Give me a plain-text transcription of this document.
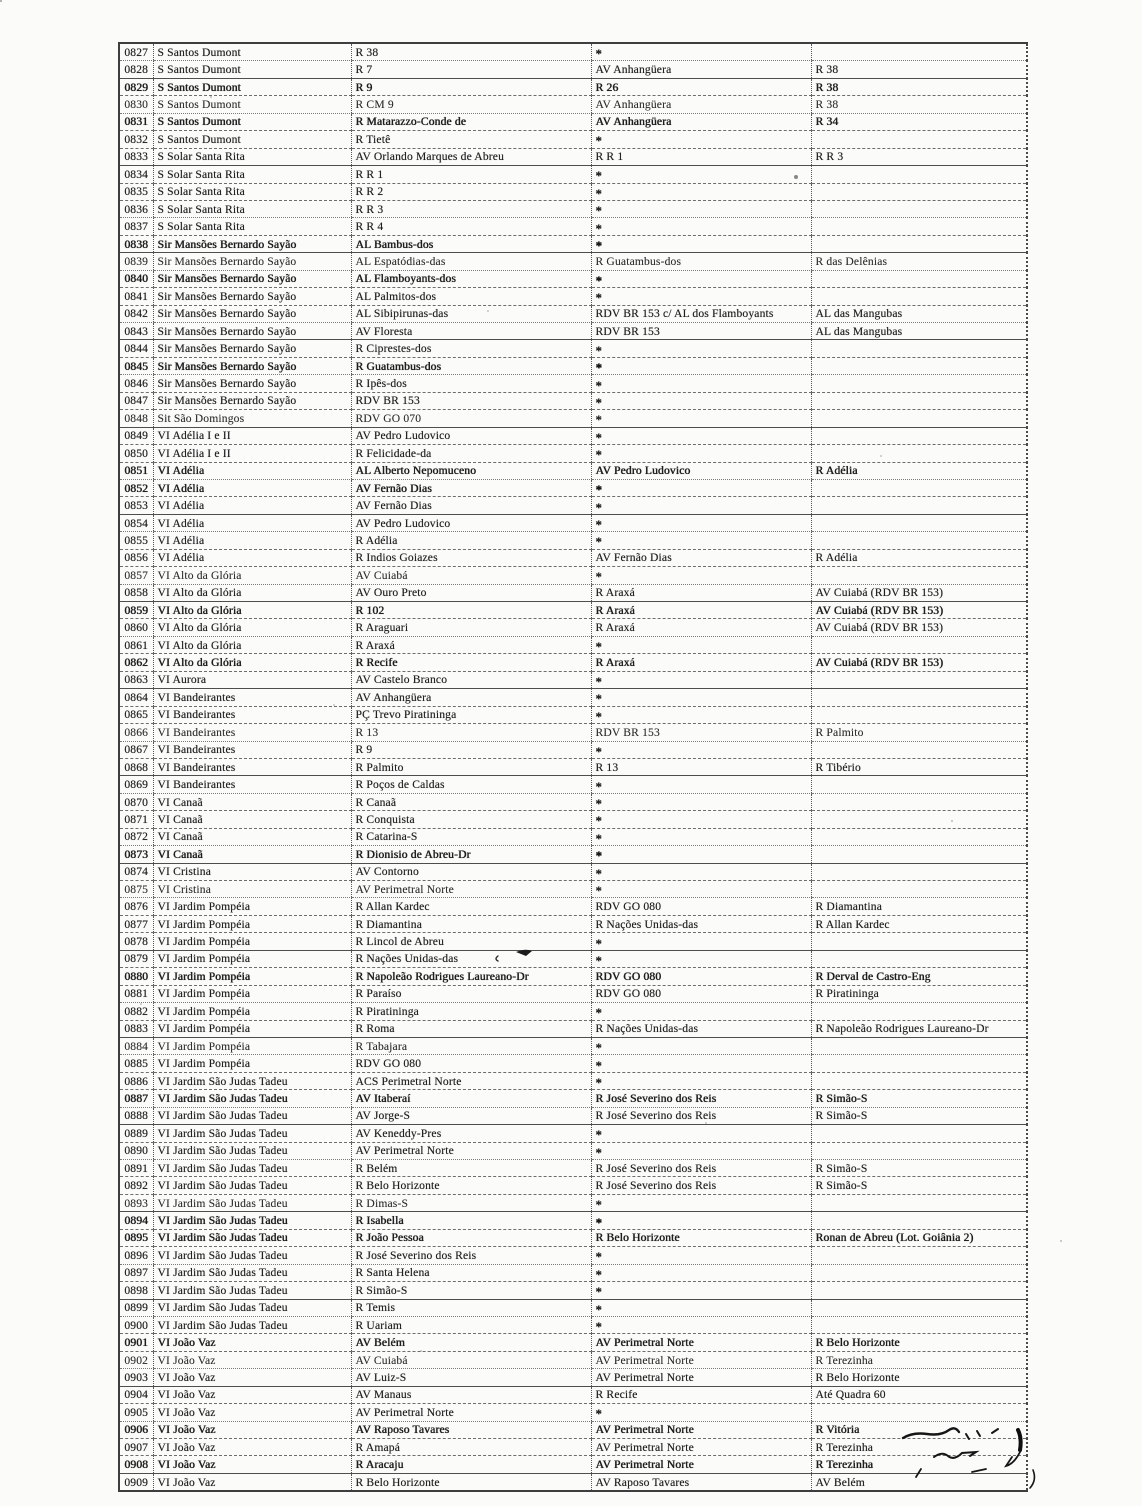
0827	S Santos Dumont	R 38	*	
0828	S Santos Dumont	R 7	AV Anhangüera	R 38
0829	S Santos Dumont	R 9	R 26	R 38
0830	S Santos Dumont	R CM 9	AV Anhangüera	R 38
0831	S Santos Dumont	R Matarazzo-Conde de	AV Anhangüera	R 34
0832	S Santos Dumont	R Tietê	*	
0833	S Solar Santa Rita	AV Orlando Marques de Abreu	R R 1	R R 3
0834	S Solar Santa Rita	R R 1	*	
0835	S Solar Santa Rita	R R 2	*	
0836	S Solar Santa Rita	R R 3	*	
0837	S Solar Santa Rita	R R 4	*	
0838	Sir Mansões Bernardo Sayão	AL Bambus-dos	*	
0839	Sir Mansões Bernardo Sayão	AL Espatódias-das	R Guatambus-dos	R das Delênias
0840	Sir Mansões Bernardo Sayão	AL Flamboyants-dos	*	
0841	Sir Mansões Bernardo Sayão	AL Palmitos-dos	*	
0842	Sir Mansões Bernardo Sayão	AL Sibipirunas-das	RDV BR 153 c/ AL dos Flamboyants	AL das Mangubas
0843	Sir Mansões Bernardo Sayão	AV Floresta	RDV BR 153	AL das Mangubas
0844	Sir Mansões Bernardo Sayão	R Ciprestes-dos	*	
0845	Sir Mansões Bernardo Sayão	R Guatambus-dos	*	
0846	Sir Mansões Bernardo Sayão	R Ipês-dos	*	
0847	Sir Mansões Bernardo Sayão	RDV BR 153	*	
0848	Sit São Domingos	RDV GO 070	*	
0849	VI Adélia I e II	AV Pedro Ludovico	*	
0850	VI Adélia I e II	R Felicidade-da	*	
0851	VI Adélia	AL Alberto Nepomuceno	AV Pedro Ludovico	R Adélia
0852	VI Adélia	AV Fernão Dias	*	
0853	VI Adélia	AV Fernão Dias	*	
0854	VI Adélia	AV Pedro Ludovico	*	
0855	VI Adélia	R Adélia	*	
0856	VI Adélia	R Indios Goiazes	AV Fernão Dias	R Adélia
0857	VI Alto da Glória	AV Cuiabá	*	
0858	VI Alto da Glória	AV Ouro Preto	R Araxá	AV Cuiabá (RDV BR 153)
0859	VI Alto da Glória	R 102	R Araxá	AV Cuiabá (RDV BR 153)
0860	VI Alto da Glória	R Araguari	R Araxá	AV Cuiabá (RDV BR 153)
0861	VI Alto da Glória	R Araxá	*	
0862	VI Alto da Glória	R Recife	R Araxá	AV Cuiabá (RDV BR 153)
0863	VI Aurora	AV Castelo Branco	*	
0864	VI Bandeirantes	AV Anhangüera	*	
0865	VI Bandeirantes	PÇ Trevo Piratininga	*	
0866	VI Bandeirantes	R 13	RDV BR 153	R Palmito
0867	VI Bandeirantes	R 9	*	
0868	VI Bandeirantes	R Palmito	R 13	R Tibério
0869	VI Bandeirantes	R Poços de Caldas	*	
0870	VI Canaã	R Canaã	*	
0871	VI Canaã	R Conquista	*	
0872	VI Canaã	R Catarina-S	*	
0873	VI Canaã	R Dionisio de Abreu-Dr	*	
0874	VI Cristina	AV Contorno	*	
0875	VI Cristina	AV Perimetral Norte	*	
0876	VI Jardim Pompéia	R Allan Kardec	RDV GO 080	R Diamantina
0877	VI Jardim Pompéia	R Diamantina	R Nações Unidas-das	R Allan Kardec
0878	VI Jardim Pompéia	R Lincol de Abreu	*	
0879	VI Jardim Pompéia	R Nações Unidas-das	*	
0880	VI Jardim Pompéia	R Napoleão Rodrigues Laureano-Dr	RDV GO 080	R Derval de Castro-Eng
0881	VI Jardim Pompéia	R Paraíso	RDV GO 080	R Piratininga
0882	VI Jardim Pompéia	R Piratininga	*	
0883	VI Jardim Pompéia	R Roma	R Nações Unidas-das	R Napoleão Rodrigues Laureano-Dr
0884	VI Jardim Pompéia	R Tabajara	*	
0885	VI Jardim Pompéia	RDV GO 080	*	
0886	VI Jardim São Judas Tadeu	ACS Perimetral Norte	*	
0887	VI Jardim São Judas Tadeu	AV Itaberaí	R José Severino dos Reis	R Simão-S
0888	VI Jardim São Judas Tadeu	AV Jorge-S	R José Severino dos Reis	R Simão-S
0889	VI Jardim São Judas Tadeu	AV Keneddy-Pres	*	
0890	VI Jardim São Judas Tadeu	AV Perimetral Norte	*	
0891	VI Jardim São Judas Tadeu	R Belém	R José Severino dos Reis	R Simão-S
0892	VI Jardim São Judas Tadeu	R Belo Horizonte	R José Severino dos Reis	R Simão-S
0893	VI Jardim São Judas Tadeu	R Dimas-S	*	
0894	VI Jardim São Judas Tadeu	R Isabella	*	
0895	VI Jardim São Judas Tadeu	R João Pessoa	R Belo Horizonte	Ronan de Abreu (Lot. Goiânia 2)
0896	VI Jardim São Judas Tadeu	R José Severino dos Reis	*	
0897	VI Jardim São Judas Tadeu	R Santa Helena	*	
0898	VI Jardim São Judas Tadeu	R Simão-S	*	
0899	VI Jardim São Judas Tadeu	R Temis	*	
0900	VI Jardim São Judas Tadeu	R Uariam	*	
0901	VI João Vaz	AV Belém	AV Perimetral Norte	R Belo Horizonte
0902	VI João Vaz	AV Cuiabá	AV Perimetral Norte	R Terezinha
0903	VI João Vaz	AV Luiz-S	AV Perimetral Norte	R Belo Horizonte
0904	VI João Vaz	AV Manaus	R Recife	Até Quadra 60
0905	VI João Vaz	AV Perimetral Norte	*	
0906	VI João Vaz	AV Raposo Tavares	AV Perimetral Norte	R Vitória
0907	VI João Vaz	R Amapá	AV Perimetral Norte	R Terezinha
0908	VI João Vaz	R Aracaju	AV Perimetral Norte	R Terezinha
0909	VI João Vaz	R Belo Horizonte	AV Raposo Tavares	AV Belém
